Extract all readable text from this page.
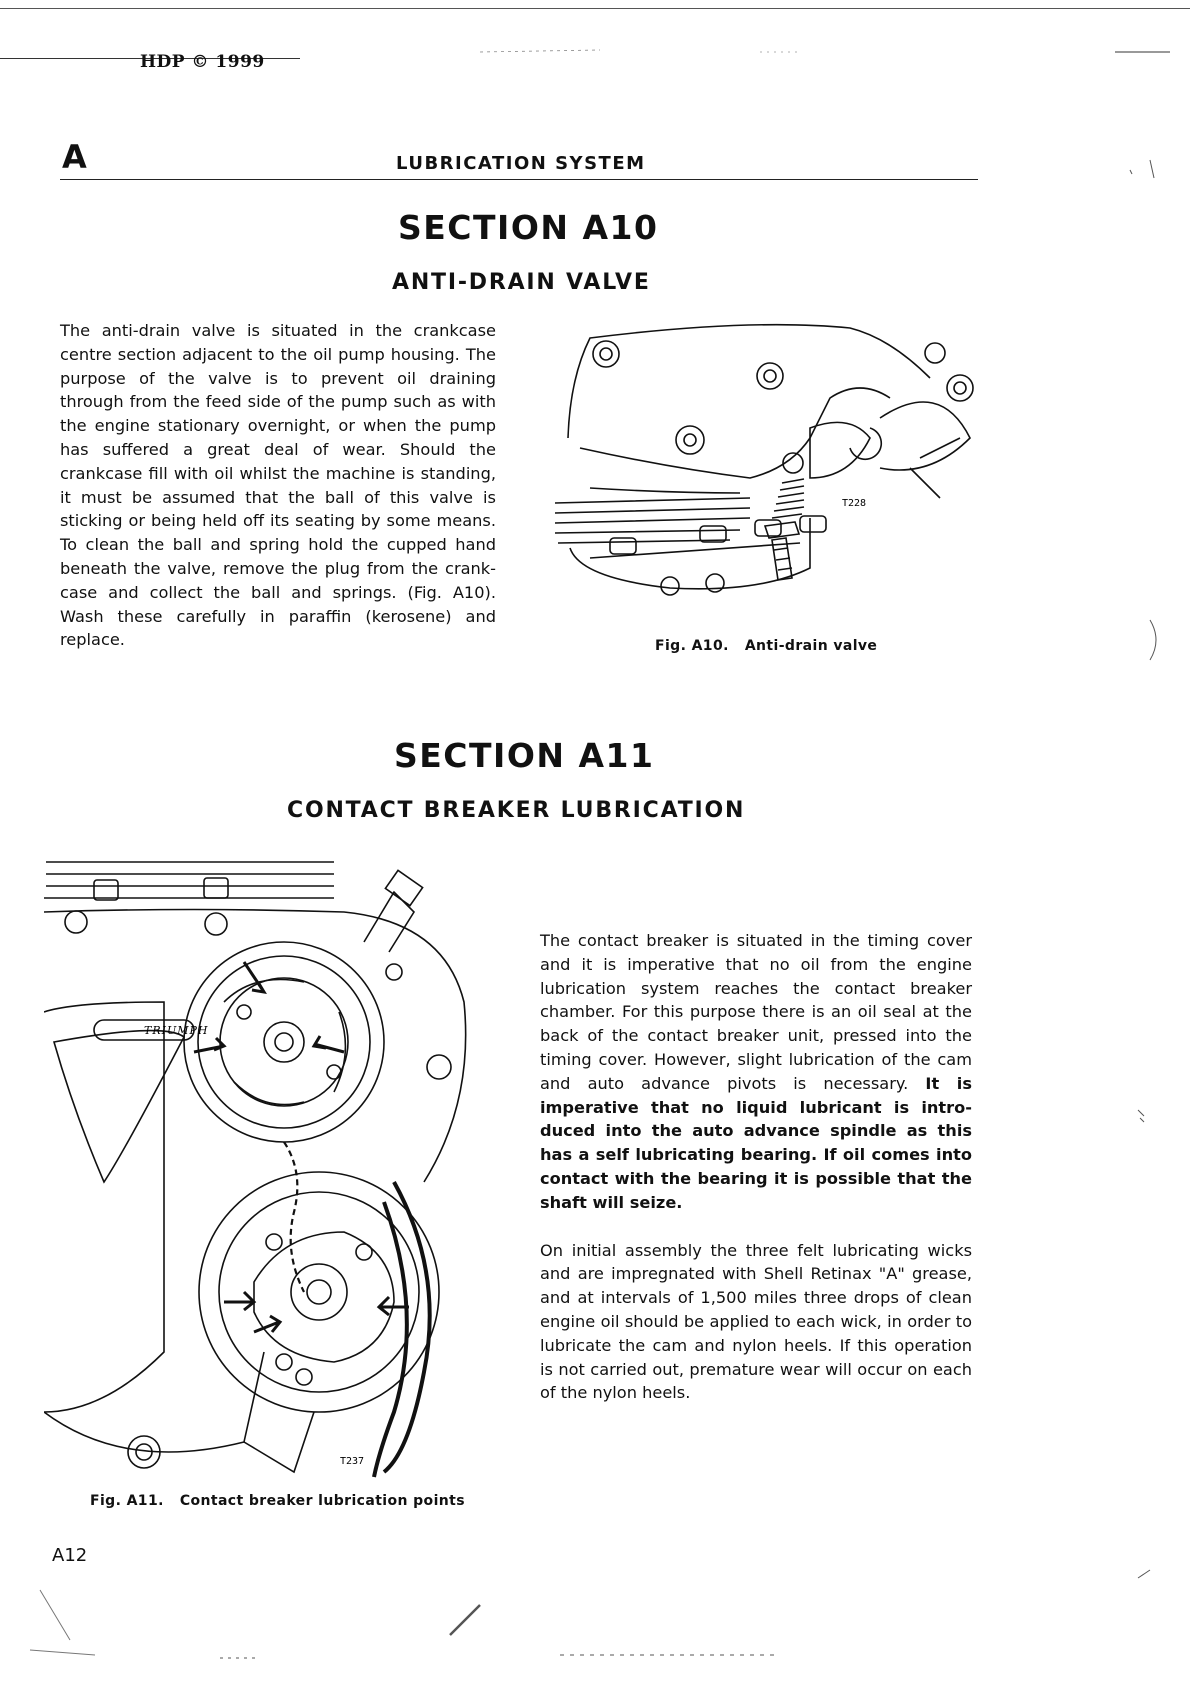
HDP © 1999
A	LUBRICATION SYSTEM
SECTION A10
ANTI-DRAIN VALVE

The anti-drain valve is situated in the crankcase centre section adjacent to the oil pump housing. The purpose of the valve is to prevent oil draining through from the feed side of the pump such as with the engine stationary overnight, or when the pump has suffered a great deal of wear. Should the crankcase fill with oil whilst the machine is standing, it must be assumed that the ball of this valve is sticking or being held off its seating by some means. To clean the ball and spring hold the cupped hand beneath the valve, remove the plug from the crank-case and collect the ball and springs. (Fig. A10). Wash these carefully in paraffin (kerosene) and replace.

T228
Fig. A10. Anti-drain valve
SECTION A11
CONTACT BREAKER LUBRICATION

The contact breaker is situated in the timing cover and it is imperative that no oil from the engine lubrication system reaches the contact breaker chamber. For this purpose there is an oil seal at the back of the contact breaker unit, pressed into the timing cover. However, slight lubrication of the cam and auto advance pivots is necessary. It is imperative that no liquid lubricant is intro-duced into the auto advance spindle as this has a self lubricating bearing. If oil comes into contact with the bearing it is possible that the shaft will seize.

On initial assembly the three felt lubricating wicks and are impregnated with Shell Retinax "A" grease, and at intervals of 1,500 miles three drops of clean engine oil should be applied to each wick, in order to lubricate the cam and nylon heels. If this operation is not carried out, premature wear will occur on each of the nylon heels.

TRIUMPH
T237
Fig. A11. Contact breaker lubrication points
A12
